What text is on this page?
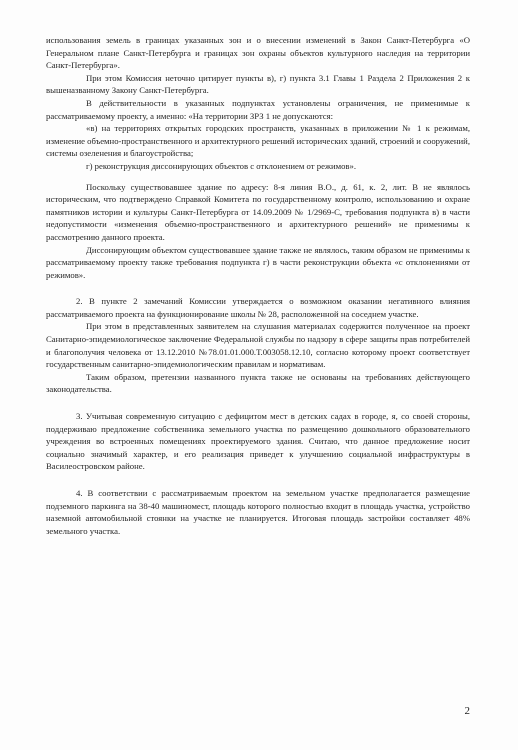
использования земель в границах указанных зон и о внесении изменений в Закон Санкт-Петербурга «О Генеральном плане Санкт-Петербурга и границах зон охраны объектов культурного наследия на территории Санкт-Петербурга».

При этом Комиссия неточно цитирует пункты в), г) пункта 3.1 Главы 1 Раздела 2 Приложения 2 к вышеназванному Закону Санкт-Петербурга.

В действительности в указанных подпунктах установлены ограничения, не применимые к рассматриваемому проекту, а именно: «На территории ЗРЗ 1 не допускаются:

«в) на территориях открытых городских пространств, указанных в приложении № 1 к режимам, изменение объемно-пространственного и архитектурного решений исторических зданий, строений и сооружений, системы озеленения и благоустройства;

г) реконструкция диссонирующих объектов с отклонением от режимов».

Поскольку существовавшее здание по адресу: 8-я линия В.О., д. 61, к. 2, лит. В не являлось историческим, что подтверждено Справкой Комитета по государственному контролю, использованию и охране памятников истории и культуры Санкт-Петербурга от 14.09.2009 № 1/2969-С, требования подпункта в) в части недопустимости «изменения объемно-пространственного и архитектурного решений» не применимы к рассмотрению данного проекта.

Диссонирующим объектом существовавшее здание также не являлось, таким образом не применимы к рассматриваемому проекту также требования подпункта г) в части реконструкции объекта «с отклонениями от режимов».

2. В пункте 2 замечаний Комиссии утверждается о возможном оказании негативного влияния рассматриваемого проекта на функционирование школы № 28, расположенной на соседнем участке.

При этом в представленных заявителем на слушания материалах содержится полученное на проект Санитарно-эпидемиологическое заключение Федеральной службы по надзору в сфере защиты прав потребителей и благополучия человека от 13.12.2010 №78.01.01.000.Т.003058.12.10, согласно которому проект соответствует государственным санитарно-эпидемиологическим правилам и нормативам.

Таким образом, претензии названного пункта также не основаны на требованиях действующего законодательства.

3. Учитывая современную ситуацию с дефицитом мест в детских садах в городе, я, со своей стороны, поддерживаю предложение собственника земельного участка по размещению дошкольного образовательного учреждения во встроенных помещениях проектируемого здания. Считаю, что данное предложение носит социально значимый характер, и его реализация приведет к улучшению социальной инфраструктуры в Василеостровском районе.

4. В соответствии с рассматриваемым проектом на земельном участке предполагается размещение подземного паркинга на 38-40 машиномест, площадь которого полностью входит в площадь участка, устройство наземной автомобильной стоянки на участке не планируется. Итоговая площадь застройки составляет 48% земельного участка.

2
